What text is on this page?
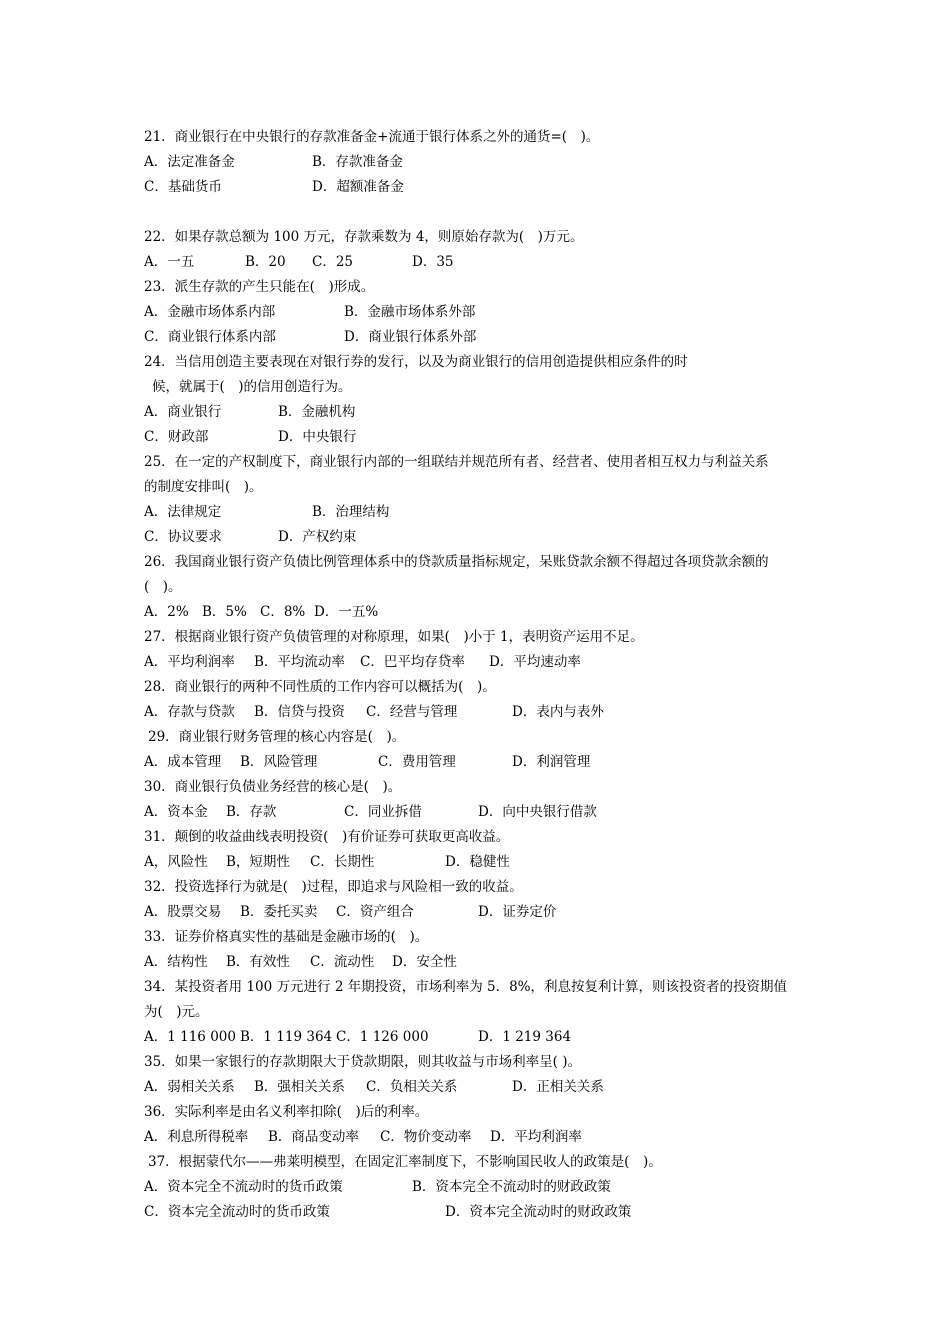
21．商业银行在中央银行的存款准备金+流通于银行体系之外的通货=(　)。
A．法定准备金	B．存款准备金
C．基础货币	D．超额准备金
22．如果存款总额为 100 万元，存款乘数为 4，则原始存款为(　)万元。
A．一五	B．20 C．25	D．35
23．派生存款的产生只能在(　)形成。
A．金融市场体系内部	B．金融市场体系外部
C．商业银行体系内部	D．商业银行体系外部
24．当信用创造主要表现在对银行券的发行，以及为商业银行的信用创造提供相应条件的时
候，就属于(　)的信用创造行为。
A．商业银行	B．金融机构
C．财政部	D．中央银行
25．在一定的产权制度下，商业银行内部的一组联结并规范所有者、经营者、使用者相互权力与利益关系
的制度安排叫(　)。
A．法律规定	B．治理结构
C．协议要求	D．产权约束
26．我国商业银行资产负债比例管理体系中的贷款质量指标规定，呆账贷款余额不得超过各项贷款余额的
(　)。
A．2% B．5% C．8% D．一五%
27．根据商业银行资产负债管理的对称原理，如果(　)小于 1，表明资产运用不足。
A．平均利润率 B．平均流动率 C．巴平均存贷率 D．平均速动率
28．商业银行的两种不同性质的工作内容可以概括为(　)。
A．存款与贷款 B．信贷与投资 C．经营与管理	D．表内与表外
29．商业银行财务管理的核心内容是(　)。
A．成本管理 B．风险管理	C．费用管理	D．利润管理
30．商业银行负债业务经营的核心是(　)。
A．资本金 B．存款	C．同业拆借	D．向中央银行借款
31．颠倒的收益曲线表明投资(　)有价证券可获取更高收益。
A，风险性 B，短期性 C．长期性	D．稳健性
32．投资选择行为就是(　)过程，即追求与风险相一致的收益。
A．股票交易 B．委托买卖 C．资产组合	D．证券定价
33．证券价格真实性的基础是金融市场的(　)。
A．结构性 B．有效性 C．流动性 D．安全性
34．某投资者用 100 万元进行 2 年期投资，市场利率为 5．8%，利息按复利计算，则该投资者的投资期值
为(　)元。
A．1 116 000 B．1 119 364 C．1 126 000	D．1 219 364
35．如果一家银行的存款期限大于贷款期限，则其收益与市场利率呈( )。
A．弱相关关系 B．强相关关系 C．负相关关系	D．正相关关系
36．实际利率是由名义利率扣除(　)后的利率。
A．利息所得税率 B．商品变动率 C．物价变动率 D．平均利润率
37．根据蒙代尔——弗莱明模型，在固定汇率制度下，不影响国民收人的政策是(　)。
A．资本完全不流动时的货币政策	B．资本完全不流动时的财政政策
C．资本完全流动时的货币政策	D．资本完全流动时的财政政策
